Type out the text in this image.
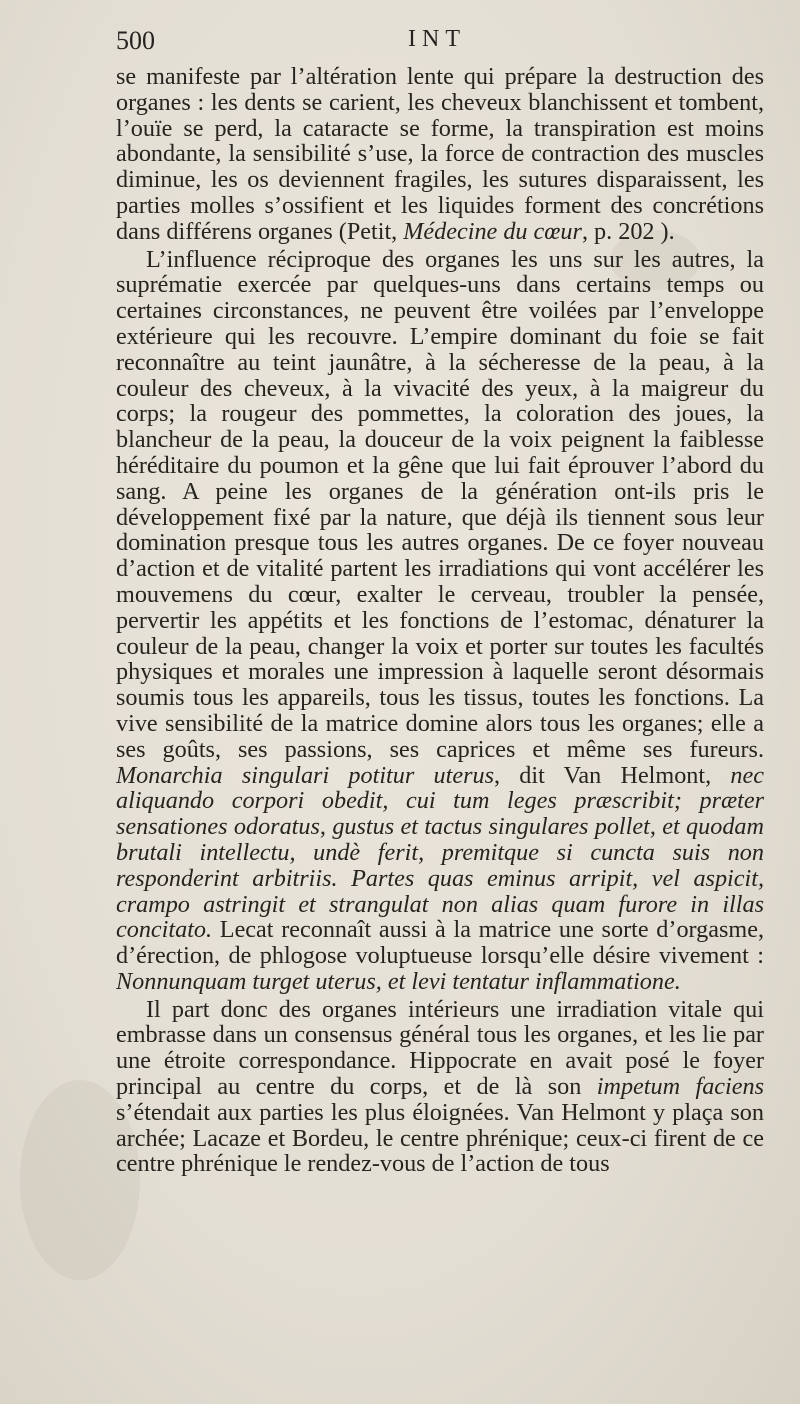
500	INT

se manifeste par l’altération lente qui prépare la destruction des organes : les dents se carient, les cheveux blanchissent et tombent, l’ouïe se perd, la cataracte se forme, la transpiration est moins abondante, la sensibilité s’use, la force de contraction des muscles diminue, les os deviennent fragiles, les sutures disparaissent, les parties molles s’ossifient et les liquides forment des concrétions dans différens organes (Petit, Médecine du cœur, p. 202 ).

L’influence réciproque des organes les uns sur les autres, la suprématie exercée par quelques-uns dans certains temps ou certaines circonstances, ne peuvent être voilées par l’enveloppe extérieure qui les recouvre. L’empire dominant du foie se fait reconnaître au teint jaunâtre, à la sécheresse de la peau, à la couleur des cheveux, à la vivacité des yeux, à la maigreur du corps; la rougeur des pommettes, la coloration des joues, la blancheur de la peau, la douceur de la voix peignent la faiblesse héréditaire du poumon et la gêne que lui fait éprouver l’abord du sang. A peine les organes de la génération ont-ils pris le développement fixé par la nature, que déjà ils tiennent sous leur domination presque tous les autres organes. De ce foyer nouveau d’action et de vitalité partent les irradiations qui vont accélérer les mouvemens du cœur, exalter le cerveau, troubler la pensée, pervertir les appétits et les fonctions de l’estomac, dénaturer la couleur de la peau, changer la voix et porter sur toutes les facultés physiques et morales une impression à laquelle seront désormais soumis tous les appareils, tous les tissus, toutes les fonctions. La vive sensibilité de la matrice domine alors tous les organes; elle a ses goûts, ses passions, ses caprices et même ses fureurs. Monarchia singulari potitur uterus, dit Van Helmont, nec aliquando corpori obedit, cui tum leges præscribit; præter sensationes odoratus, gustus et tactus singulares pollet, et quodam brutali intellectu, undè ferit, premitque si cuncta suis non responderint arbitriis. Partes quas eminus arripit, vel aspicit, crampo astringit et strangulat non alias quam furore in illas concitato. Lecat reconnaît aussi à la matrice une sorte d’orgasme, d’érection, de phlogose voluptueuse lorsqu’elle désire vivement : Nonnunquam turget uterus, et levi tentatur inflammatione.

Il part donc des organes intérieurs une irradiation vitale qui embrasse dans un consensus général tous les organes, et les lie par une étroite correspondance. Hippocrate en avait posé le foyer principal au centre du corps, et de là son impetum faciens s’étendait aux parties les plus éloignées. Van Helmont y plaça son archée; Lacaze et Bordeu, le centre phrénique; ceux-ci firent de ce centre phrénique le rendez-vous de l’action de tous
